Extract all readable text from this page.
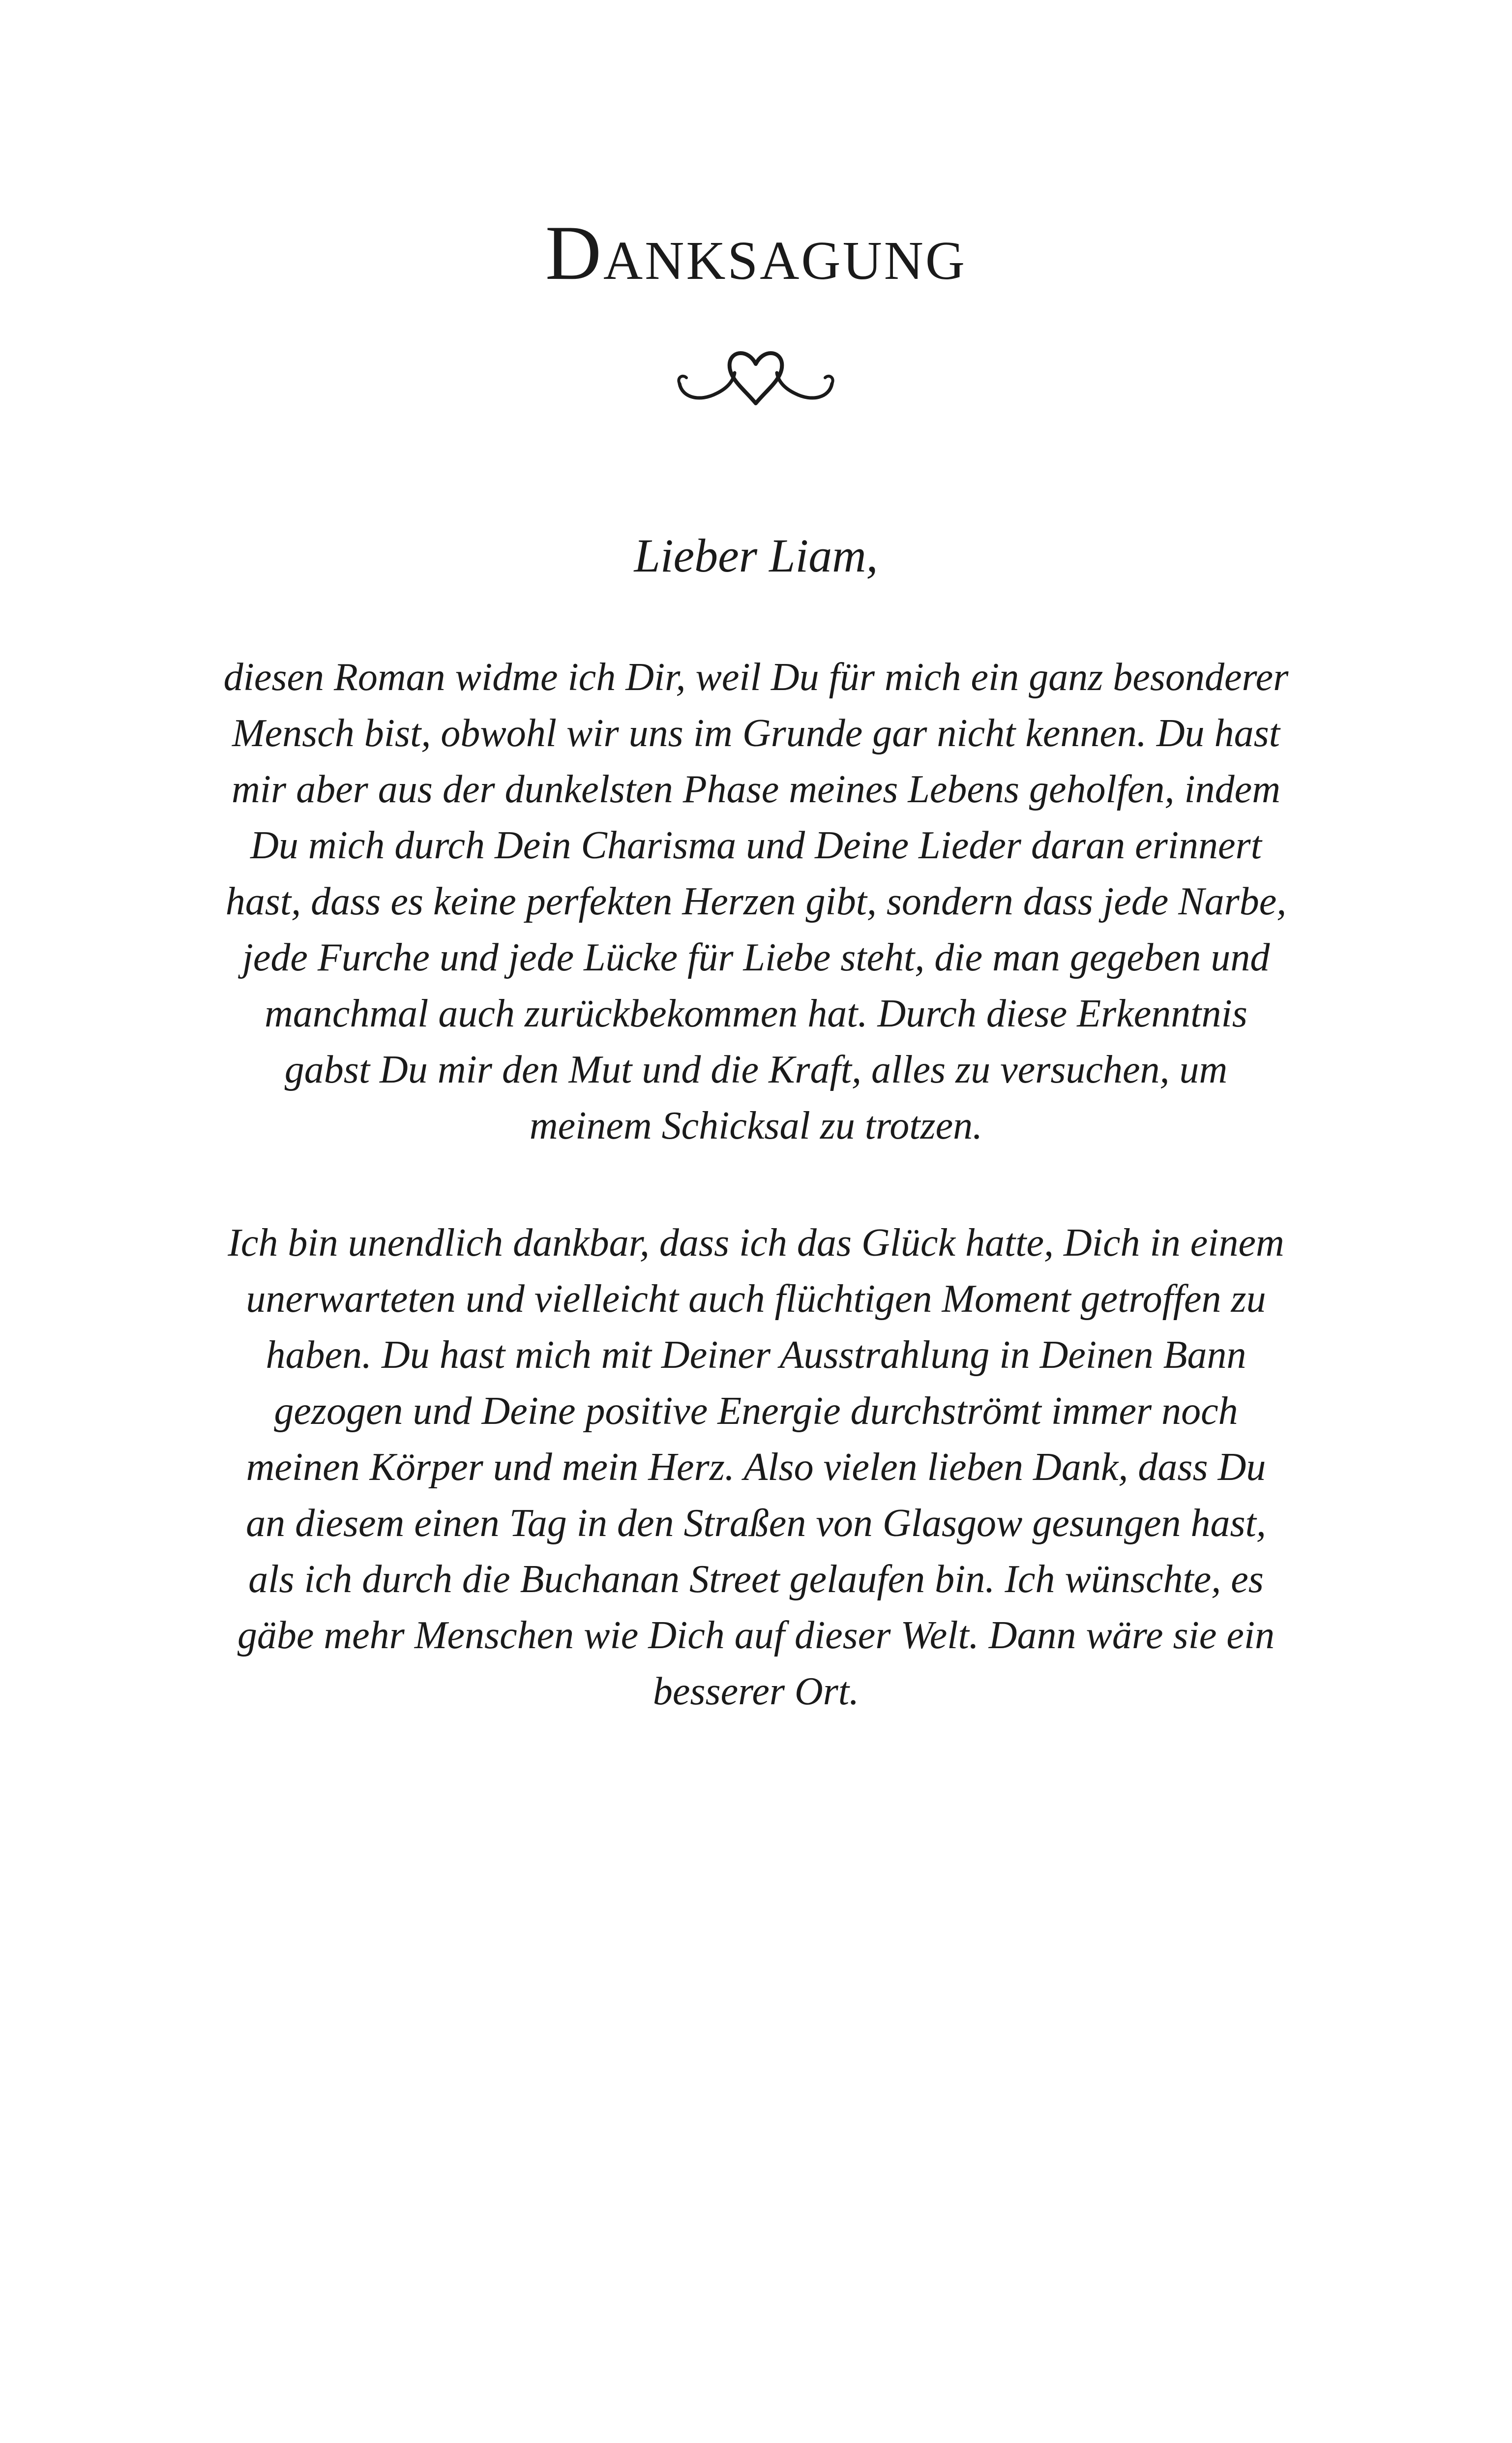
Danksagung

Lieber Liam,

diesen Roman widme ich Dir, weil Du für mich ein ganz besonderer
Mensch bist, obwohl wir uns im Grunde gar nicht kennen. Du hast
mir aber aus der dunkelsten Phase meines Lebens geholfen, indem
Du mich durch Dein Charisma und Deine Lieder daran erinnert
hast, dass es keine perfekten Herzen gibt, sondern dass jede Narbe,
jede Furche und jede Lücke für Liebe steht, die man gegeben und
manchmal auch zurückbekommen hat. Durch diese Erkenntnis
gabst Du mir den Mut und die Kraft, alles zu versuchen, um
meinem Schicksal zu trotzen.

Ich bin unendlich dankbar, dass ich das Glück hatte, Dich in einem
unerwarteten und vielleicht auch flüchtigen Moment getroffen zu
haben. Du hast mich mit Deiner Ausstrahlung in Deinen Bann
gezogen und Deine positive Energie durchströmt immer noch
meinen Körper und mein Herz. Also vielen lieben Dank, dass Du
an diesem einen Tag in den Straßen von Glasgow gesungen hast,
als ich durch die Buchanan Street gelaufen bin. Ich wünschte, es
gäbe mehr Menschen wie Dich auf dieser Welt. Dann wäre sie ein
besserer Ort.
